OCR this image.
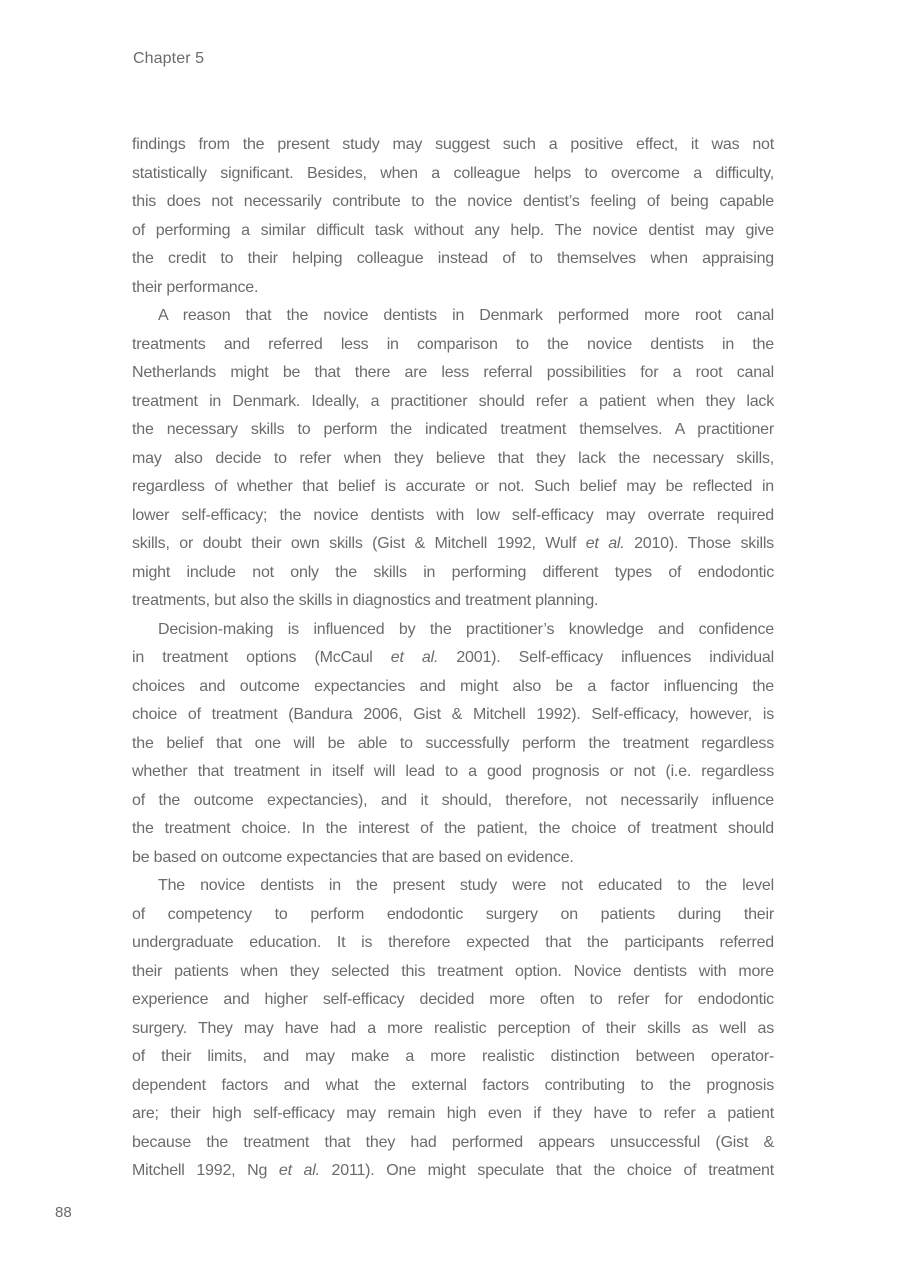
Chapter 5
findings from the present study may suggest such a positive effect, it was not
statistically significant. Besides, when a colleague helps to overcome a difficulty,
this does not necessarily contribute to the novice dentist’s feeling of being capable
of performing a similar difficult task without any help. The novice dentist may give
the credit to their helping colleague instead of to themselves when appraising
their performance.
A reason that the novice dentists in Denmark performed more root canal
treatments and referred less in comparison to the novice dentists in the
Netherlands might be that there are less referral possibilities for a root canal
treatment in Denmark. Ideally, a practitioner should refer a patient when they lack
the necessary skills to perform the indicated treatment themselves. A practitioner
may also decide to refer when they believe that they lack the necessary skills,
regardless of whether that belief is accurate or not. Such belief may be reflected in
lower self-efficacy; the novice dentists with low self-efficacy may overrate required
skills, or doubt their own skills (Gist & Mitchell 1992, Wulf et al. 2010). Those skills
might include not only the skills in performing different types of endodontic
treatments, but also the skills in diagnostics and treatment planning.
Decision-making is influenced by the practitioner’s knowledge and confidence
in treatment options (McCaul et al. 2001). Self-efficacy influences individual
choices and outcome expectancies and might also be a factor influencing the
choice of treatment (Bandura 2006, Gist & Mitchell 1992). Self-efficacy, however, is
the belief that one will be able to successfully perform the treatment regardless
whether that treatment in itself will lead to a good prognosis or not (i.e. regardless
of the outcome expectancies), and it should, therefore, not necessarily influence
the treatment choice. In the interest of the patient, the choice of treatment should
be based on outcome expectancies that are based on evidence.
The novice dentists in the present study were not educated to the level
of competency to perform endodontic surgery on patients during their
undergraduate education. It is therefore expected that the participants referred
their patients when they selected this treatment option. Novice dentists with more
experience and higher self-efficacy decided more often to refer for endodontic
surgery. They may have had a more realistic perception of their skills as well as
of their limits, and may make a more realistic distinction between operator-
dependent factors and what the external factors contributing to the prognosis
are; their high self-efficacy may remain high even if they have to refer a patient
because the treatment that they had performed appears unsuccessful (Gist &
Mitchell 1992, Ng et al. 2011). One might speculate that the choice of treatment
88
